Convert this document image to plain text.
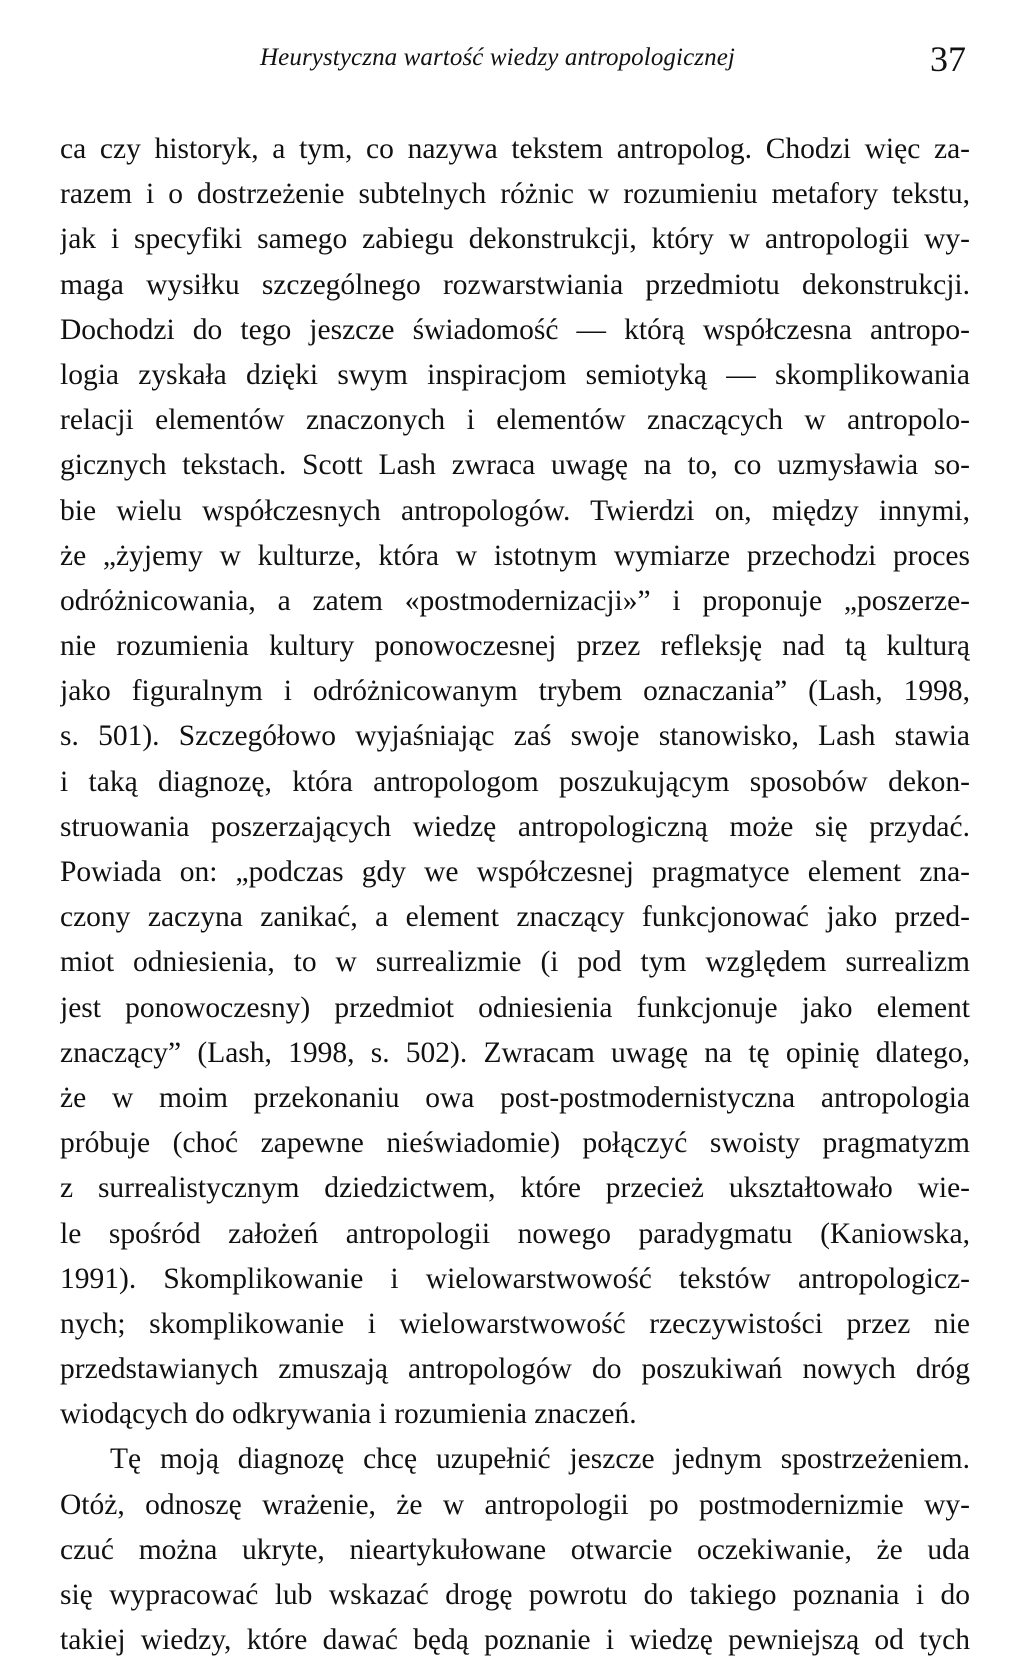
Heurystyczna wartość wiedzy antropologicznej	37
ca czy historyk, a tym, co nazywa tekstem antropolog. Chodzi więc za-
razem i o dostrzeżenie subtelnych różnic w rozumieniu metafory tekstu,
jak i specyfiki samego zabiegu dekonstrukcji, który w antropologii wy-
maga wysiłku szczególnego rozwarstwiania przedmiotu dekonstrukcji.
Dochodzi do tego jeszcze świadomość — którą współczesna antropo-
logia zyskała dzięki swym inspiracjom semiotyką — skomplikowania
relacji elementów znaczonych i elementów znaczących w antropolo-
gicznych tekstach. Scott Lash zwraca uwagę na to, co uzmysławia so-
bie wielu współczesnych antropologów. Twierdzi on, między innymi,
że „żyjemy w kulturze, która w istotnym wymiarze przechodzi proces
odróżnicowania, a zatem «postmodernizacji»” i proponuje „poszerze-
nie rozumienia kultury ponowoczesnej przez refleksję nad tą kulturą
jako figuralnym i odróżnicowanym trybem oznaczania” (Lash, 1998,
s. 501). Szczegółowo wyjaśniając zaś swoje stanowisko, Lash stawia
i taką diagnozę, która antropologom poszukującym sposobów dekon-
struowania poszerzających wiedzę antropologiczną może się przydać.
Powiada on: „podczas gdy we współczesnej pragmatyce element zna-
czony zaczyna zanikać, a element znaczący funkcjonować jako przed-
miot odniesienia, to w surrealizmie (i pod tym względem surrealizm
jest ponowoczesny) przedmiot odniesienia funkcjonuje jako element
znaczący” (Lash, 1998, s. 502). Zwracam uwagę na tę opinię dlatego,
że w moim przekonaniu owa post-postmodernistyczna antropologia
próbuje (choć zapewne nieświadomie) połączyć swoisty pragmatyzm
z surrealistycznym dziedzictwem, które przecież ukształtowało wie-
le spośród założeń antropologii nowego paradygmatu (Kaniowska,
1991). Skomplikowanie i wielowarstwowość tekstów antropologicz-
nych; skomplikowanie i wielowarstwowość rzeczywistości przez nie
przedstawianych zmuszają antropologów do poszukiwań nowych dróg
wiodących do odkrywania i rozumienia znaczeń.
Tę moją diagnozę chcę uzupełnić jeszcze jednym spostrzeżeniem.
Otóż, odnoszę wrażenie, że w antropologii po postmodernizmie wy-
czuć można ukryte, nieartykułowane otwarcie oczekiwanie, że uda
się wypracować lub wskazać drogę powrotu do takiego poznania i do
takiej wiedzy, które dawać będą poznanie i wiedzę pewniejszą od tych
